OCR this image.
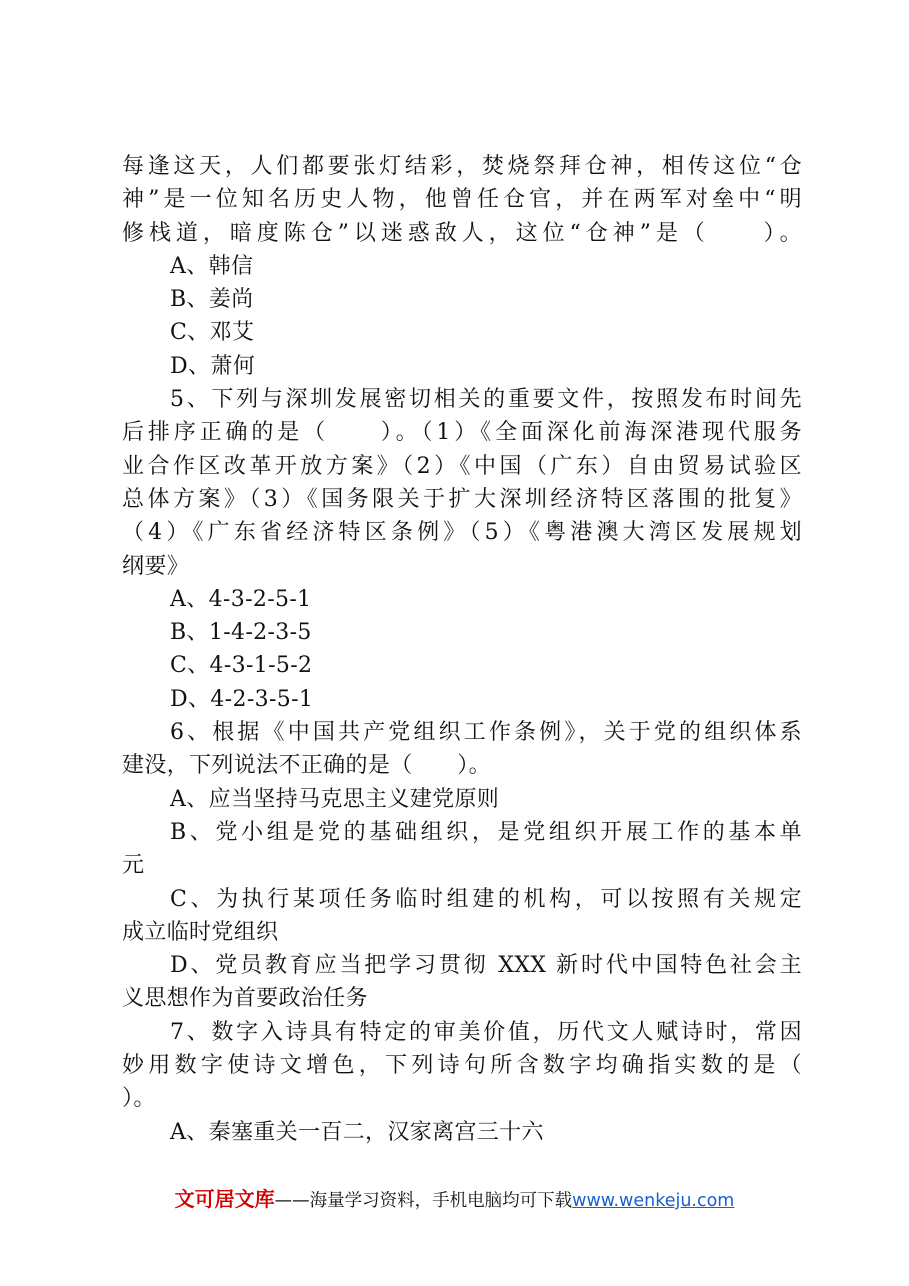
每逢这天，人们都要张灯结彩，焚烧祭拜仓神，相传这位“仓
神”是一位知名历史人物，他曾任仓官，并在两军对垒中“明
修栈道，暗度陈仓”以迷惑敌人，这位“仓神”是（　　）。
A、韩信
B、姜尚
C、邓艾
D、萧何
5、下列与深圳发展密切相关的重要文件，按照发布时间先
后排序正确的是（　　）。（1）《全面深化前海深港现代服务
业合作区改革开放方案》（2）《中国（广东）自由贸易试验区
总体方案》（3）《国务限关于扩大深圳经济特区落围的批复》
（4）《广东省经济特区条例》（5）《粤港澳大湾区发展规划
纲要》
A、4-3-2-5-1
B、1-4-2-3-5
C、4-3-1-5-2
D、4-2-3-5-1
6、根据《中国共产党组织工作条例》，关于党的组织体系
建没，下列说法不正确的是（　　）。
A、应当坚持马克思主义建党原则
B、党小组是党的基础组织，是党组织开展工作的基本单
元
C、为执行某项任务临时组建的机构，可以按照有关规定
成立临时党组织
D、党员教育应当把学习贯彻 XXX 新时代中国特色社会主
义思想作为首要政治任务
7、数字入诗具有特定的审美价值，历代文人赋诗时，常因
妙用数字使诗文增色，下列诗句所含数字均确指实数的是（
）。
A、秦塞重关一百二，汉家离宫三十六
文可居文库——海量学习资料，手机电脑均可下载www.wenkeju.com
